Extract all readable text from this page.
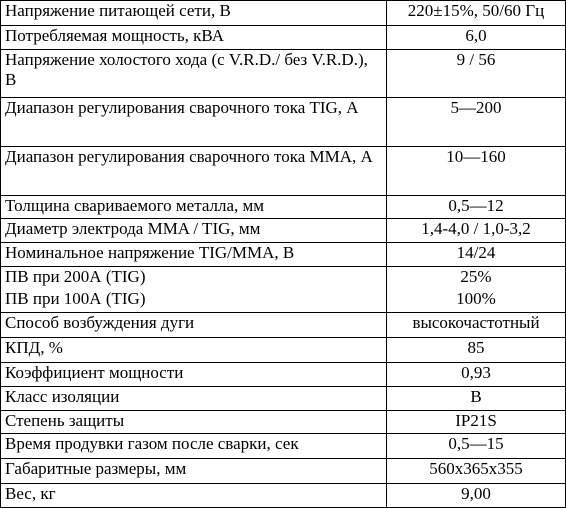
Напряжение питающей сети, В	220±15%, 50/60 Гц
Потребляемая мощность, кВА	6,0
Напряжение холостого хода (с V.R.D./ без V.R.D.), В	9 / 56
Диапазон регулирования сварочного тока TIG, А	5—200
Диапазон регулирования сварочного тока ММА, А	10—160
Толщина свариваемого металла, мм	0,5—12
Диаметр электрода MMA / TIG, мм	1,4-4,0 / 1,0-3,2
Номинальное напряжение TIG/MMA, В	14/24
ПВ при 200А (TIG)	25%
ПВ при 100А (TIG)	100%
Способ возбуждения дуги	высокочастотный
КПД, %	85
Коэффициент мощности	0,93
Класс изоляции	B
Степень защиты	IP21S
Время продувки газом после сварки, сек	0,5—15
Габаритные размеры, мм	560x365x355
Вес, кг	9,00
